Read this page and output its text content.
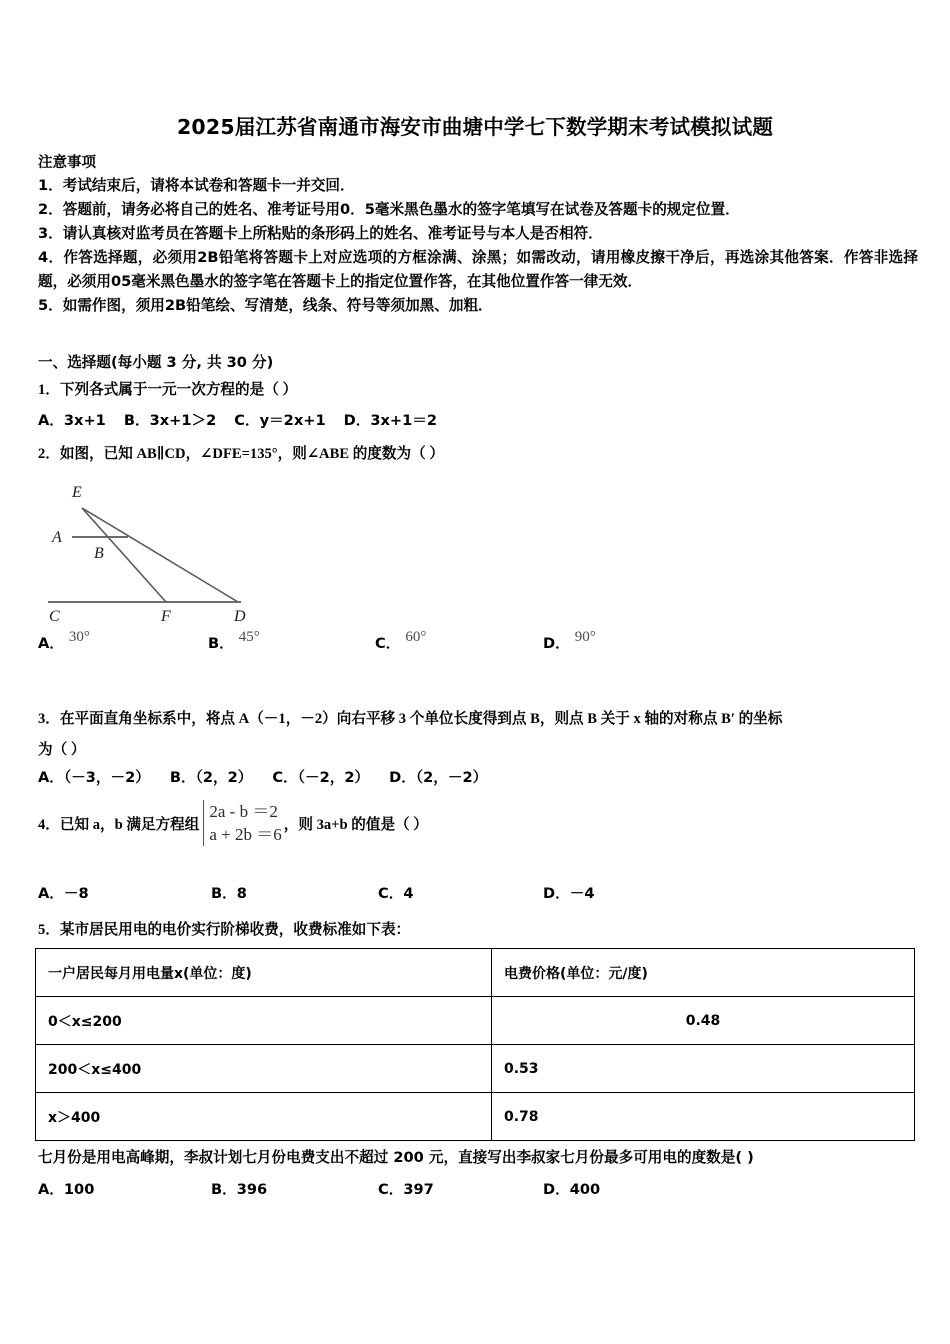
2025届江苏省南通市海安市曲塘中学七下数学期末考试模拟试题
注意事项
1．考试结束后，请将本试卷和答题卡一并交回．
2．答题前，请务必将自己的姓名、准考证号用0．5毫米黑色墨水的签字笔填写在试卷及答题卡的规定位置．
3．请认真核对监考员在答题卡上所粘贴的条形码上的姓名、准考证号与本人是否相符．
4．作答选择题，必须用2B铅笔将答题卡上对应选项的方框涂满、涂黑；如需改动，请用橡皮擦干净后，再选涂其他答案．作答非选择题，必须用05毫米黑色墨水的签字笔在答题卡上的指定位置作答，在其他位置作答一律无效．
5．如需作图，须用2B铅笔绘、写清楚，线条、符号等须加黑、加粗．
一、选择题(每小题 3 分, 共 30 分)
1．下列各式属于一元一次方程的是（ ）
A．3x+1 B．3x+1＞2 C．y＝2x+1 D．3x+1＝2
2．如图，已知 AB∥CD，∠DFE=135°，则∠ABE 的度数为（ ）
E
A
B
C	F	D
A． 30°	B． 45°	C． 60°	D． 90°
3．在平面直角坐标系中，将点 A（－1，－2）向右平移 3 个单位长度得到点 B，则点 B 关于 x 轴的对称点 B′ 的坐标
为（ ）
A．（－3，－2） B．（2，2） C．（－2，2） D．（2，－2）
4．已知 a，b 满足方程组
2a - b ＝2
a + 2b ＝6
，则 3a+b 的值是（ ）
A．－8	B．8	C．4	D．－4
5．某市居民用电的电价实行阶梯收费，收费标准如下表：
一户居民每月用电量x(单位：度)	电费价格(单位：元/度)
0＜x≤200	0.48
200＜x≤400	0.53
x＞400	0.78
七月份是用电高峰期，李叔计划七月份电费支出不超过 200 元，直接写出李叔家七月份最多可用电的度数是( )
A．100	B．396	C．397	D．400
